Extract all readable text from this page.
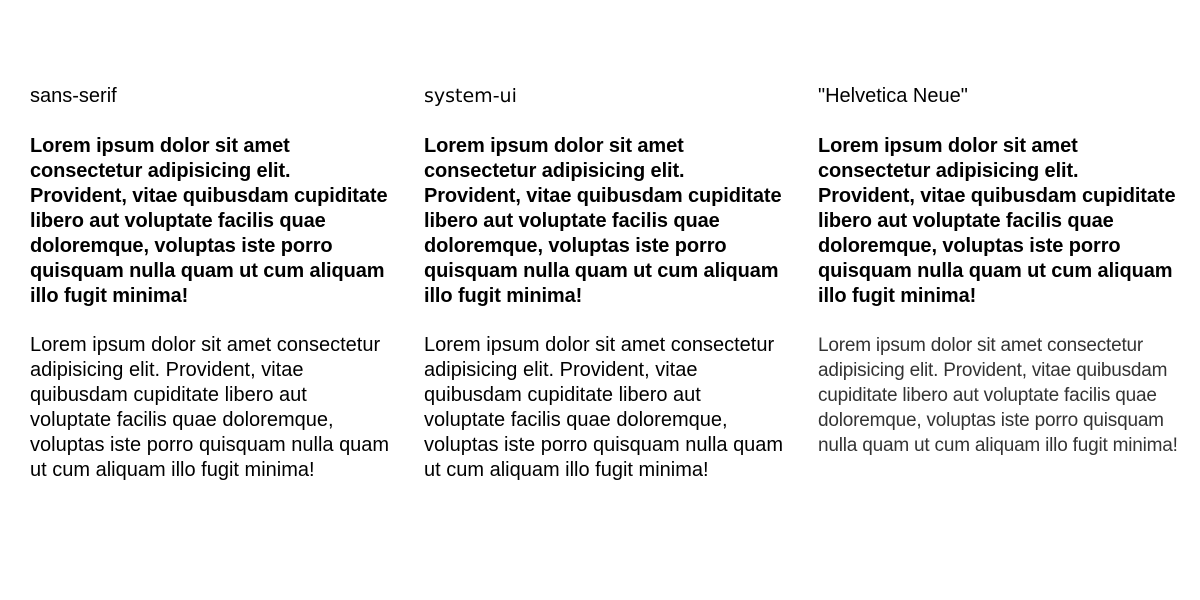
sans-serif

Lorem ipsum dolor sit amet consectetur adipisicing elit. Provident, vitae quibusdam cupiditate libero aut voluptate facilis quae doloremque, voluptas iste porro quisquam nulla quam ut cum aliquam illo fugit minima!

Lorem ipsum dolor sit amet consectetur adipisicing elit. Provident, vitae quibusdam cupiditate libero aut voluptate facilis quae doloremque, voluptas iste porro quisquam nulla quam ut cum aliquam illo fugit minima!

system-ui

Lorem ipsum dolor sit amet consectetur adipisicing elit. Provident, vitae quibusdam cupiditate libero aut voluptate facilis quae doloremque, voluptas iste porro quisquam nulla quam ut cum aliquam illo fugit minima!

Lorem ipsum dolor sit amet consectetur adipisicing elit. Provident, vitae quibusdam cupiditate libero aut voluptate facilis quae doloremque, voluptas iste porro quisquam nulla quam ut cum aliquam illo fugit minima!

"Helvetica Neue"

Lorem ipsum dolor sit amet consectetur adipisicing elit. Provident, vitae quibusdam cupiditate libero aut voluptate facilis quae doloremque, voluptas iste porro quisquam nulla quam ut cum aliquam illo fugit minima!

Lorem ipsum dolor sit amet consectetur adipisicing elit. Provident, vitae quibusdam cupiditate libero aut voluptate facilis quae doloremque, voluptas iste porro quisquam nulla quam ut cum aliquam illo fugit minima!
